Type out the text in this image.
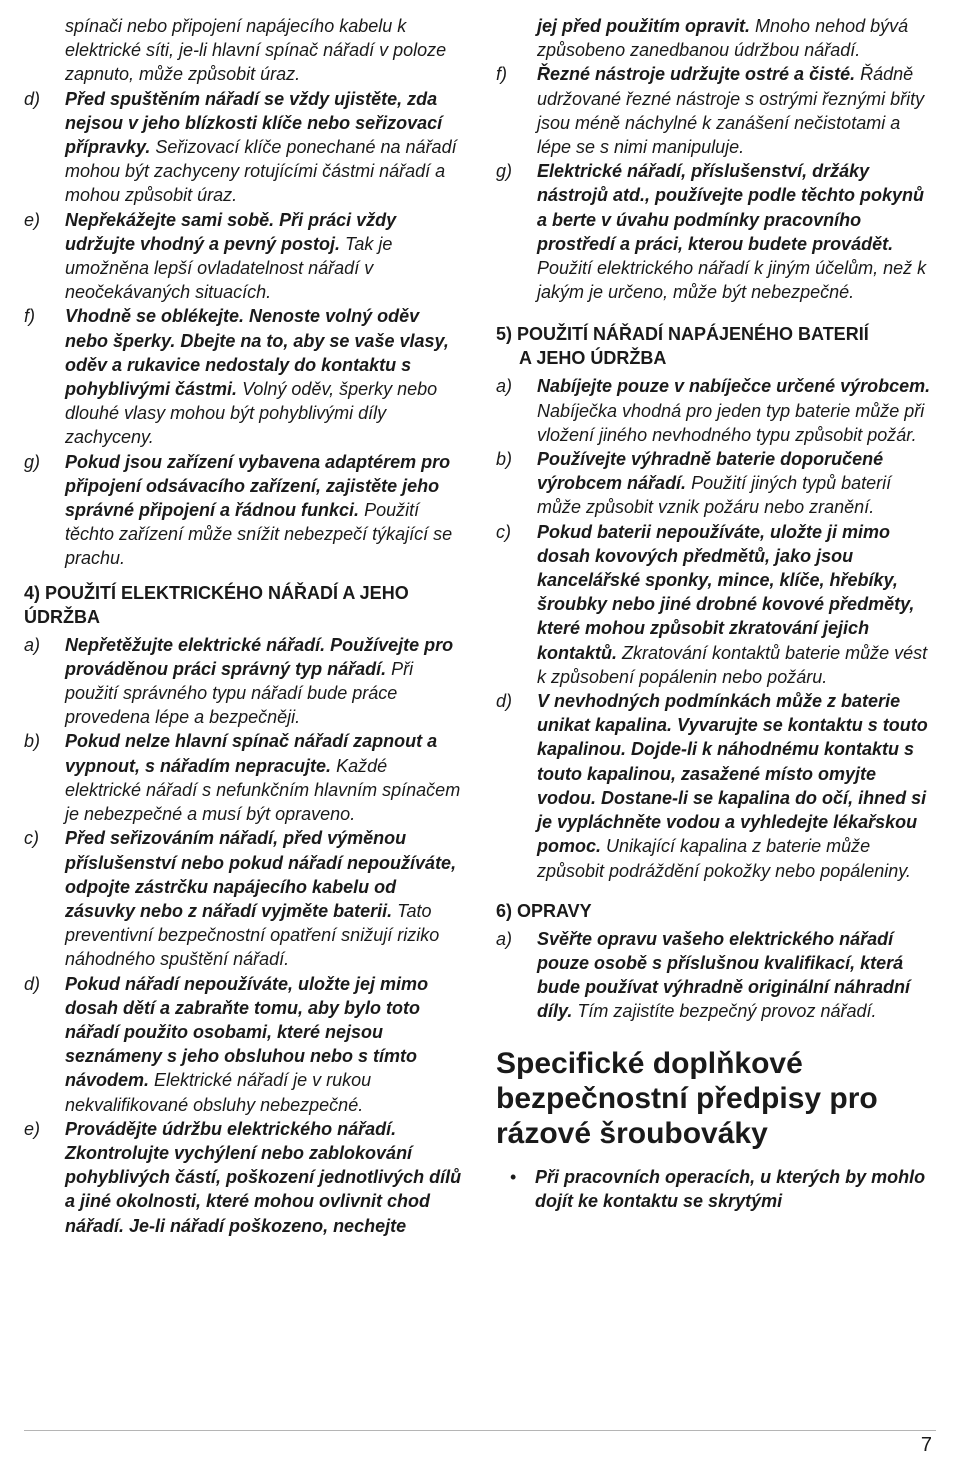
spínači nebo připojení napájecího kabelu k elektrické síti, je-li hlavní spínač nářadí v poloze zapnuto, může způsobit úraz.
d)	Před spuštěním nářadí se vždy ujistěte, zda nejsou v jeho blízkosti klíče nebo seřizovací přípravky. Seřizovací klíče ponechané na nářadí mohou být zachyceny rotujícími částmi nářadí a mohou způsobit úraz.
e)	Nepřekážejte sami sobě. Při práci vždy udržujte vhodný a pevný postoj. Tak je umožněna lepší ovladatelnost nářadí v neočekávaných situacích.
f)	Vhodně se oblékejte. Nenoste volný oděv nebo šperky. Dbejte na to, aby se vaše vlasy, oděv a rukavice nedostaly do kontaktu s pohyblivými částmi. Volný oděv, šperky nebo dlouhé vlasy mohou být pohyblivými díly zachyceny.
g)	Pokud jsou zařízení vybavena adaptérem pro připojení odsávacího zařízení, zajistěte jeho správné připojení a řádnou funkci. Použití těchto zařízení může snížit nebezpečí týkající se prachu.
4) POUŽITÍ ELEKTRICKÉHO NÁŘADÍ A JEHO
ÚDRŽBA
a)	Nepřetěžujte elektrické nářadí. Používejte pro prováděnou práci správný typ nářadí. Při použití správného typu nářadí bude práce provedena lépe a bezpečněji.
b)	Pokud nelze hlavní spínač nářadí zapnout a vypnout, s nářadím nepracujte. Každé elektrické nářadí s nefunkčním hlavním spínačem je nebezpečné a musí být opraveno.
c)	Před seřizováním nářadí, před výměnou příslušenství nebo pokud nářadí nepoužíváte, odpojte zástrčku napájecího kabelu od zásuvky nebo z nářadí vyjměte baterii. Tato preventivní bezpečnostní opatření snižují riziko náhodného spuštění nářadí.
d)	Pokud nářadí nepoužíváte, uložte jej mimo dosah dětí a zabraňte tomu, aby bylo toto nářadí použito osobami, které nejsou seznámeny s jeho obsluhou nebo s tímto návodem. Elektrické nářadí je v rukou nekvalifikované obsluhy nebezpečné.
e)	Provádějte údržbu elektrického nářadí. Zkontrolujte vychýlení nebo zablokování pohyblivých částí, poškození jednotlivých dílů a jiné okolnosti, které mohou ovlivnit chod nářadí. Je-li nářadí poškozeno, nechejte
jej před použitím opravit. Mnoho nehod bývá způsobeno zanedbanou údržbou nářadí.
f)	Řezné nástroje udržujte ostré a čisté. Řádně udržované řezné nástroje s ostrými řeznými břity jsou méně náchylné k zanášení nečistotami a lépe se s nimi manipuluje.
g)	Elektrické nářadí, příslušenství, držáky nástrojů atd., používejte podle těchto pokynů a berte v úvahu podmínky pracovního prostředí a práci, kterou budete provádět. Použití elektrického nářadí k jiným účelům, než k jakým je určeno, může být nebezpečné.
5) POUŽITÍ NÁŘADÍ NAPÁJENÉHO BATERIÍ

A JEHO ÚDRŽBA
a)	Nabíjejte pouze v nabíječce určené výrobcem. Nabíječka vhodná pro jeden typ baterie může při vložení jiného nevhodného typu způsobit požár.
b)	Používejte výhradně baterie doporučené výrobcem nářadí. Použití jiných typů baterií může způsobit vznik požáru nebo zranění.
c)	Pokud baterii nepoužíváte, uložte ji mimo dosah kovových předmětů, jako jsou kancelářské sponky, mince, klíče, hřebíky, šroubky nebo jiné drobné kovové předměty, které mohou způsobit zkratování jejich kontaktů. Zkratování kontaktů baterie může vést k způsobení popálenin nebo požáru.
d)	V nevhodných podmínkách může z baterie unikat kapalina. Vyvarujte se kontaktu s touto kapalinou. Dojde-li k náhodnému kontaktu s touto kapalinou, zasažené místo omyjte vodou. Dostane-li se kapalina do očí, ihned si je vypláchněte vodou a vyhledejte lékařskou pomoc. Unikající kapalina z baterie může způsobit podráždění pokožky nebo popáleniny.
6) OPRAVY
a)	Svěřte opravu vašeho elektrického nářadí pouze osobě s příslušnou kvalifikací, která bude používat výhradně originální náhradní díly. Tím zajistíte bezpečný provoz nářadí.
Specifické doplňkové bezpečnostní předpisy pro rázové šroubováky
•	Při pracovních operacích, u kterých by mohlo dojít ke kontaktu se skrytými
7
